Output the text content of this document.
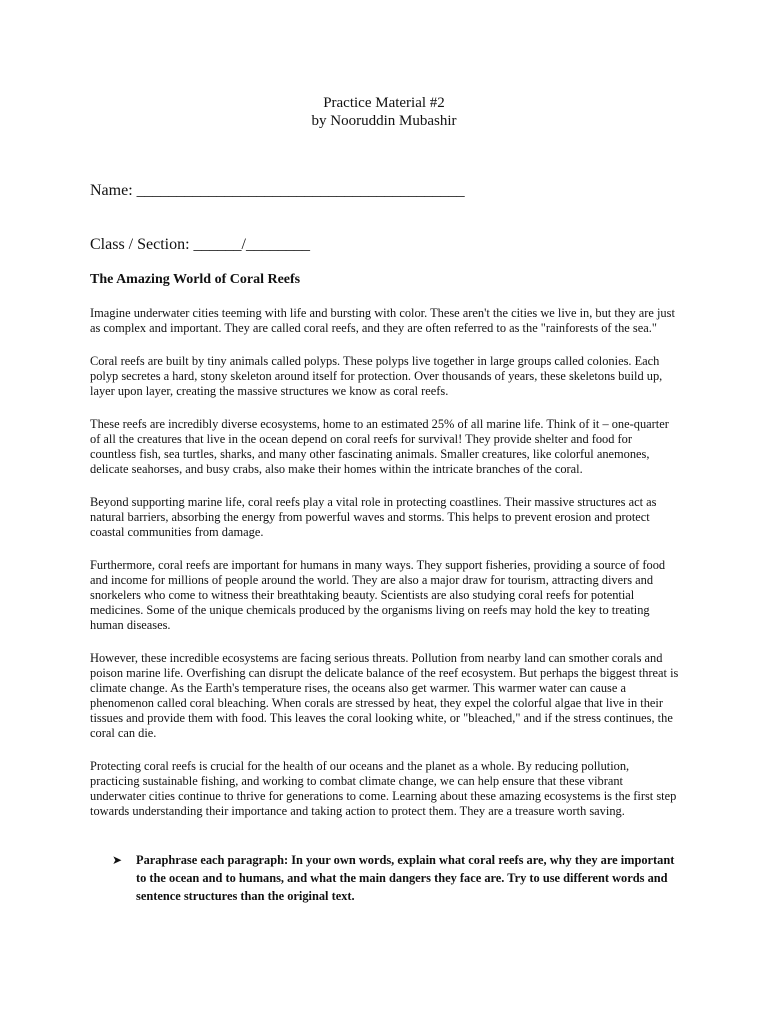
Practice Material #2
by Nooruddin Mubashir
Name: _________________________________________
Class / Section: ______/________
The Amazing World of Coral Reefs

Imagine underwater cities teeming with life and bursting with color. These aren't the cities we live in, but they are just as complex and important. They are called coral reefs, and they are often referred to as the "rainforests of the sea."

Coral reefs are built by tiny animals called polyps. These polyps live together in large groups called colonies. Each polyp secretes a hard, stony skeleton around itself for protection. Over thousands of years, these skeletons build up, layer upon layer, creating the massive structures we know as coral reefs.

These reefs are incredibly diverse ecosystems, home to an estimated 25% of all marine life. Think of it – one-quarter of all the creatures that live in the ocean depend on coral reefs for survival! They provide shelter and food for countless fish, sea turtles, sharks, and many other fascinating animals. Smaller creatures, like colorful anemones, delicate seahorses, and busy crabs, also make their homes within the intricate branches of the coral.

Beyond supporting marine life, coral reefs play a vital role in protecting coastlines. Their massive structures act as natural barriers, absorbing the energy from powerful waves and storms. This helps to prevent erosion and protect coastal communities from damage.

Furthermore, coral reefs are important for humans in many ways. They support fisheries, providing a source of food and income for millions of people around the world. They are also a major draw for tourism, attracting divers and snorkelers who come to witness their breathtaking beauty. Scientists are also studying coral reefs for potential medicines. Some of the unique chemicals produced by the organisms living on reefs may hold the key to treating human diseases.

However, these incredible ecosystems are facing serious threats. Pollution from nearby land can smother corals and poison marine life. Overfishing can disrupt the delicate balance of the reef ecosystem. But perhaps the biggest threat is climate change. As the Earth's temperature rises, the oceans also get warmer. This warmer water can cause a phenomenon called coral bleaching. When corals are stressed by heat, they expel the colorful algae that live in their tissues and provide them with food. This leaves the coral looking white, or "bleached," and if the stress continues, the coral can die.

Protecting coral reefs is crucial for the health of our oceans and the planet as a whole. By reducing pollution, practicing sustainable fishing, and working to combat climate change, we can help ensure that these vibrant underwater cities continue to thrive for generations to come. Learning about these amazing ecosystems is the first step towards understanding their importance and taking action to protect them. They are a treasure worth saving.

➤ Paraphrase each paragraph: In your own words, explain what coral reefs are, why they are important to the ocean and to humans, and what the main dangers they face are. Try to use different words and sentence structures than the original text.
